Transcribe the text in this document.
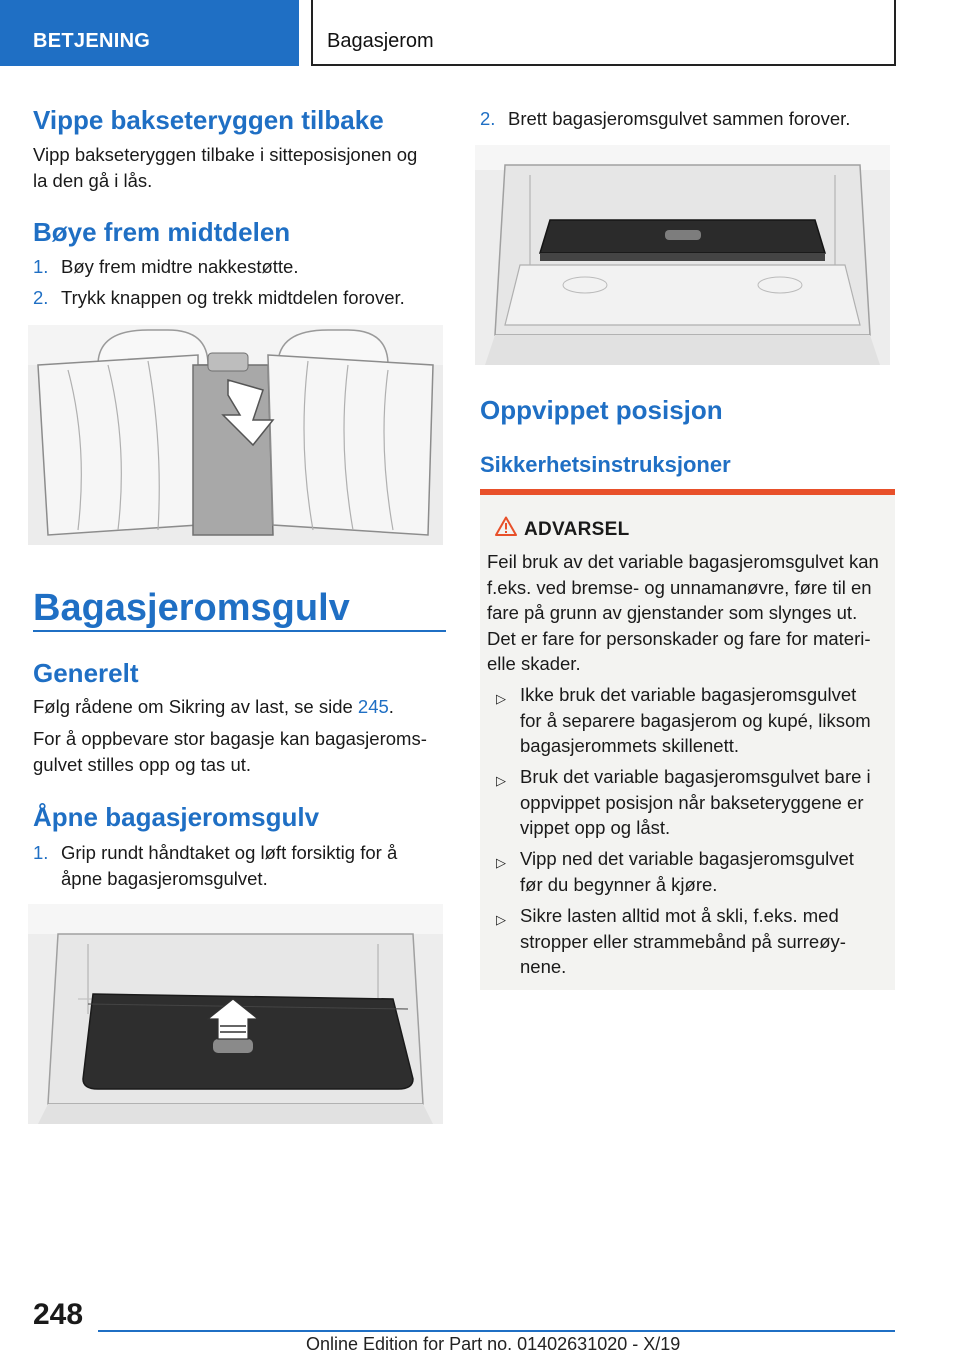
BETJENING	Bagasjerom
Vippe bakseteryggen tilbake
Vipp bakseteryggen tilbake i sitteposisjonen og
la den gå i lås.
Bøye frem midtdelen
1. Bøy frem midtre nakkestøtte.
2. Trykk knappen og trekk midtdelen forover.
Bagasjeromsgulv
Generelt
Følg rådene om Sikring av last, se side 245.
For å oppbevare stor bagasje kan bagasjeroms-
gulvet stilles opp og tas ut.
Åpne bagasjeromsgulv
1. Grip rundt håndtaket og løft forsiktig for å
åpne bagasjeromsgulvet.
2. Brett bagasjeromsgulvet sammen forover.
Oppvippet posisjon
Sikkerhetsinstruksjoner
ADVARSEL
Feil bruk av det variable bagasjeromsgulvet kan
f.eks. ved bremse- og unnamanøvre, føre til en
fare på grunn av gjenstander som slynges ut.
Det er fare for personskader og fare for materi-
elle skader.
▷ Ikke bruk det variable bagasjeromsgulvet
for å separere bagasjerom og kupé, liksom
bagasjerommets skillenett.
▷ Bruk det variable bagasjeromsgulvet bare i
oppvippet posisjon når bakseteryggene er
vippet opp og låst.
▷ Vipp ned det variable bagasjeromsgulvet
før du begynner å kjøre.
▷ Sikre lasten alltid mot å skli, f.eks. med
stropper eller strammebånd på surreøy-
nene.
248
Online Edition for Part no. 01402631020 - X/19
